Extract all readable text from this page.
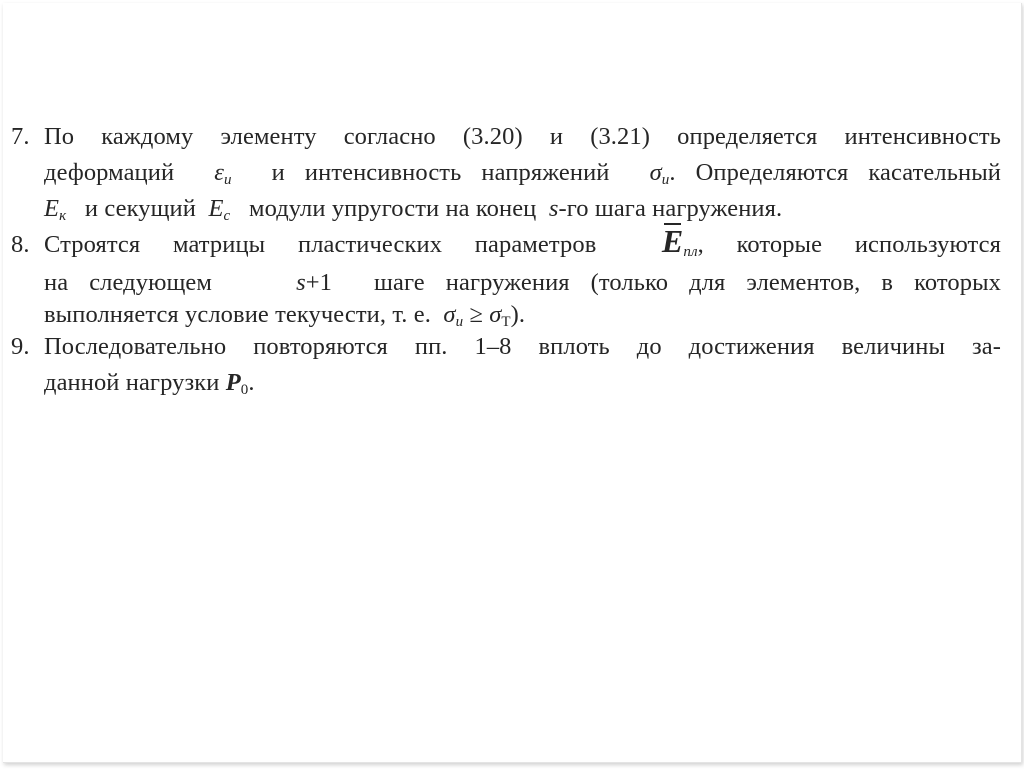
7. По каждому элементу согласно (3.20) и (3.21) определяется интенсивность
деформаций $\varepsilon_u$ и интенсивность напряжений $\sigma_u$. Определяются касательный
$E_к$ и секущий $E_c$ модули упругости на конец s-го шага нагружения.
8. Строятся матрицы пластических параметров $E_{пл}$, которые используются
на следующем	s+1 шаге нагружения (только для элементов, в которых
выполняется условие текучести, т. е. $\sigma_u \ge \sigma Т$).
9. Последовательно повторяются пп. 1–8 вплоть до достижения величины за-
данной нагрузки P0.
